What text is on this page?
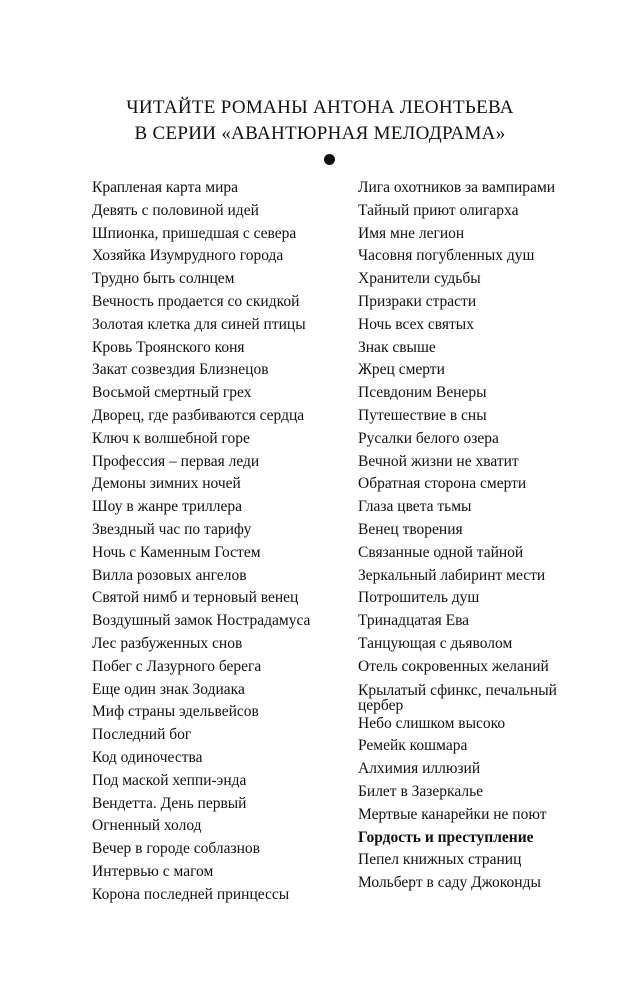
ЧИТАЙТЕ РОМАНЫ АНТОНА ЛЕОНТЬЕВА
В СЕРИИ «АВАНТЮРНАЯ МЕЛОДРАМА»
Крапленая карта мира
Девять с половиной идей
Шпионка, пришедшая с севера
Хозяйка Изумрудного города
Трудно быть солнцем
Вечность продается со скидкой
Золотая клетка для синей птицы
Кровь Троянского коня
Закат созвездия Близнецов
Восьмой смертный грех
Дворец, где разбиваются сердца
Ключ к волшебной горе
Профессия – первая леди
Демоны зимних ночей
Шоу в жанре триллера
Звездный час по тарифу
Ночь с Каменным Гостем
Вилла розовых ангелов
Святой нимб и терновый венец
Воздушный замок Нострадамуса
Лес разбуженных снов
Побег с Лазурного берега
Еще один знак Зодиака
Миф страны эдельвейсов
Последний бог
Код одиночества
Под маской хеппи-энда
Вендетта. День первый
Огненный холод
Вечер в городе соблазнов
Интервью с магом
Корона последней принцессы
Лига охотников за вампирами
Тайный приют олигарха
Имя мне легион
Часовня погубленных душ
Хранители судьбы
Призраки страсти
Ночь всех святых
Знак свыше
Жрец смерти
Псевдоним Венеры
Путешествие в сны
Русалки белого озера
Вечной жизни не хватит
Обратная сторона смерти
Глаза цвета тьмы
Венец творения
Связанные одной тайной
Зеркальный лабиринт мести
Потрошитель душ
Тринадцатая Ева
Танцующая с дьяволом
Отель сокровенных желаний
Крылатый сфинкс, печальный цербер
Небо слишком высоко
Ремейк кошмара
Алхимия иллюзий
Билет в Зазеркалье
Мертвые канарейки не поют
Гордость и преступление
Пепел книжных страниц
Мольберт в саду Джоконды
